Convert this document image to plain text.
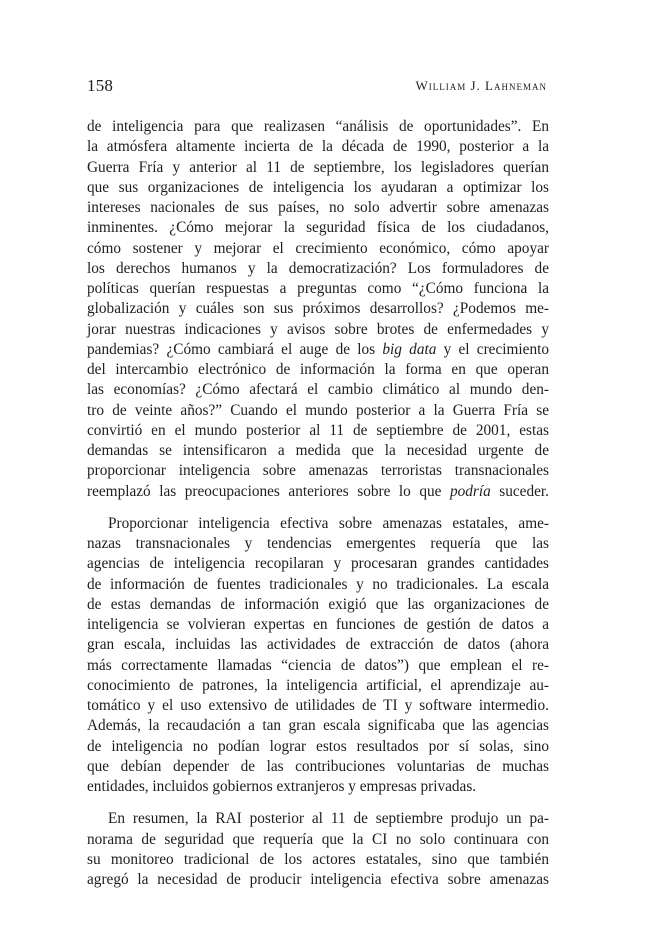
158	William J. Lahneman

de inteligencia para que realizasen “análisis de oportunidades”. En
la atmósfera altamente incierta de la década de 1990, posterior a la
Guerra Fría y anterior al 11 de septiembre, los legisladores querían
que sus organizaciones de inteligencia los ayudaran a optimizar los
intereses nacionales de sus países, no solo advertir sobre amenazas
inminentes. ¿Cómo mejorar la seguridad física de los ciudadanos,
cómo sostener y mejorar el crecimiento económico, cómo apoyar
los derechos humanos y la democratización? Los formuladores de
políticas querían respuestas a preguntas como “¿Cómo funciona la
globalización y cuáles son sus próximos desarrollos? ¿Podemos me-
jorar nuestras indicaciones y avisos sobre brotes de enfermedades y
pandemias? ¿Cómo cambiará el auge de los big data y el crecimiento
del intercambio electrónico de información la forma en que operan
las economías? ¿Cómo afectará el cambio climático al mundo den-
tro de veinte años?” Cuando el mundo posterior a la Guerra Fría se
convirtió en el mundo posterior al 11 de septiembre de 2001, estas
demandas se intensificaron a medida que la necesidad urgente de
proporcionar inteligencia sobre amenazas terroristas transnacionales
reemplazó las preocupaciones anteriores sobre lo que podría suceder.

Proporcionar inteligencia efectiva sobre amenazas estatales, ame-
nazas transnacionales y tendencias emergentes requería que las
agencias de inteligencia recopilaran y procesaran grandes cantidades
de información de fuentes tradicionales y no tradicionales. La escala
de estas demandas de información exigió que las organizaciones de
inteligencia se volvieran expertas en funciones de gestión de datos a
gran escala, incluidas las actividades de extracción de datos (ahora
más correctamente llamadas “ciencia de datos”) que emplean el re-
conocimiento de patrones, la inteligencia artificial, el aprendizaje au-
tomático y el uso extensivo de utilidades de TI y software intermedio.
Además, la recaudación a tan gran escala significaba que las agencias
de inteligencia no podían lograr estos resultados por sí solas, sino
que debían depender de las contribuciones voluntarias de muchas
entidades, incluidos gobiernos extranjeros y empresas privadas.

En resumen, la RAI posterior al 11 de septiembre produjo un pa-
norama de seguridad que requería que la CI no solo continuara con
su monitoreo tradicional de los actores estatales, sino que también
agregó la necesidad de producir inteligencia efectiva sobre amenazas
